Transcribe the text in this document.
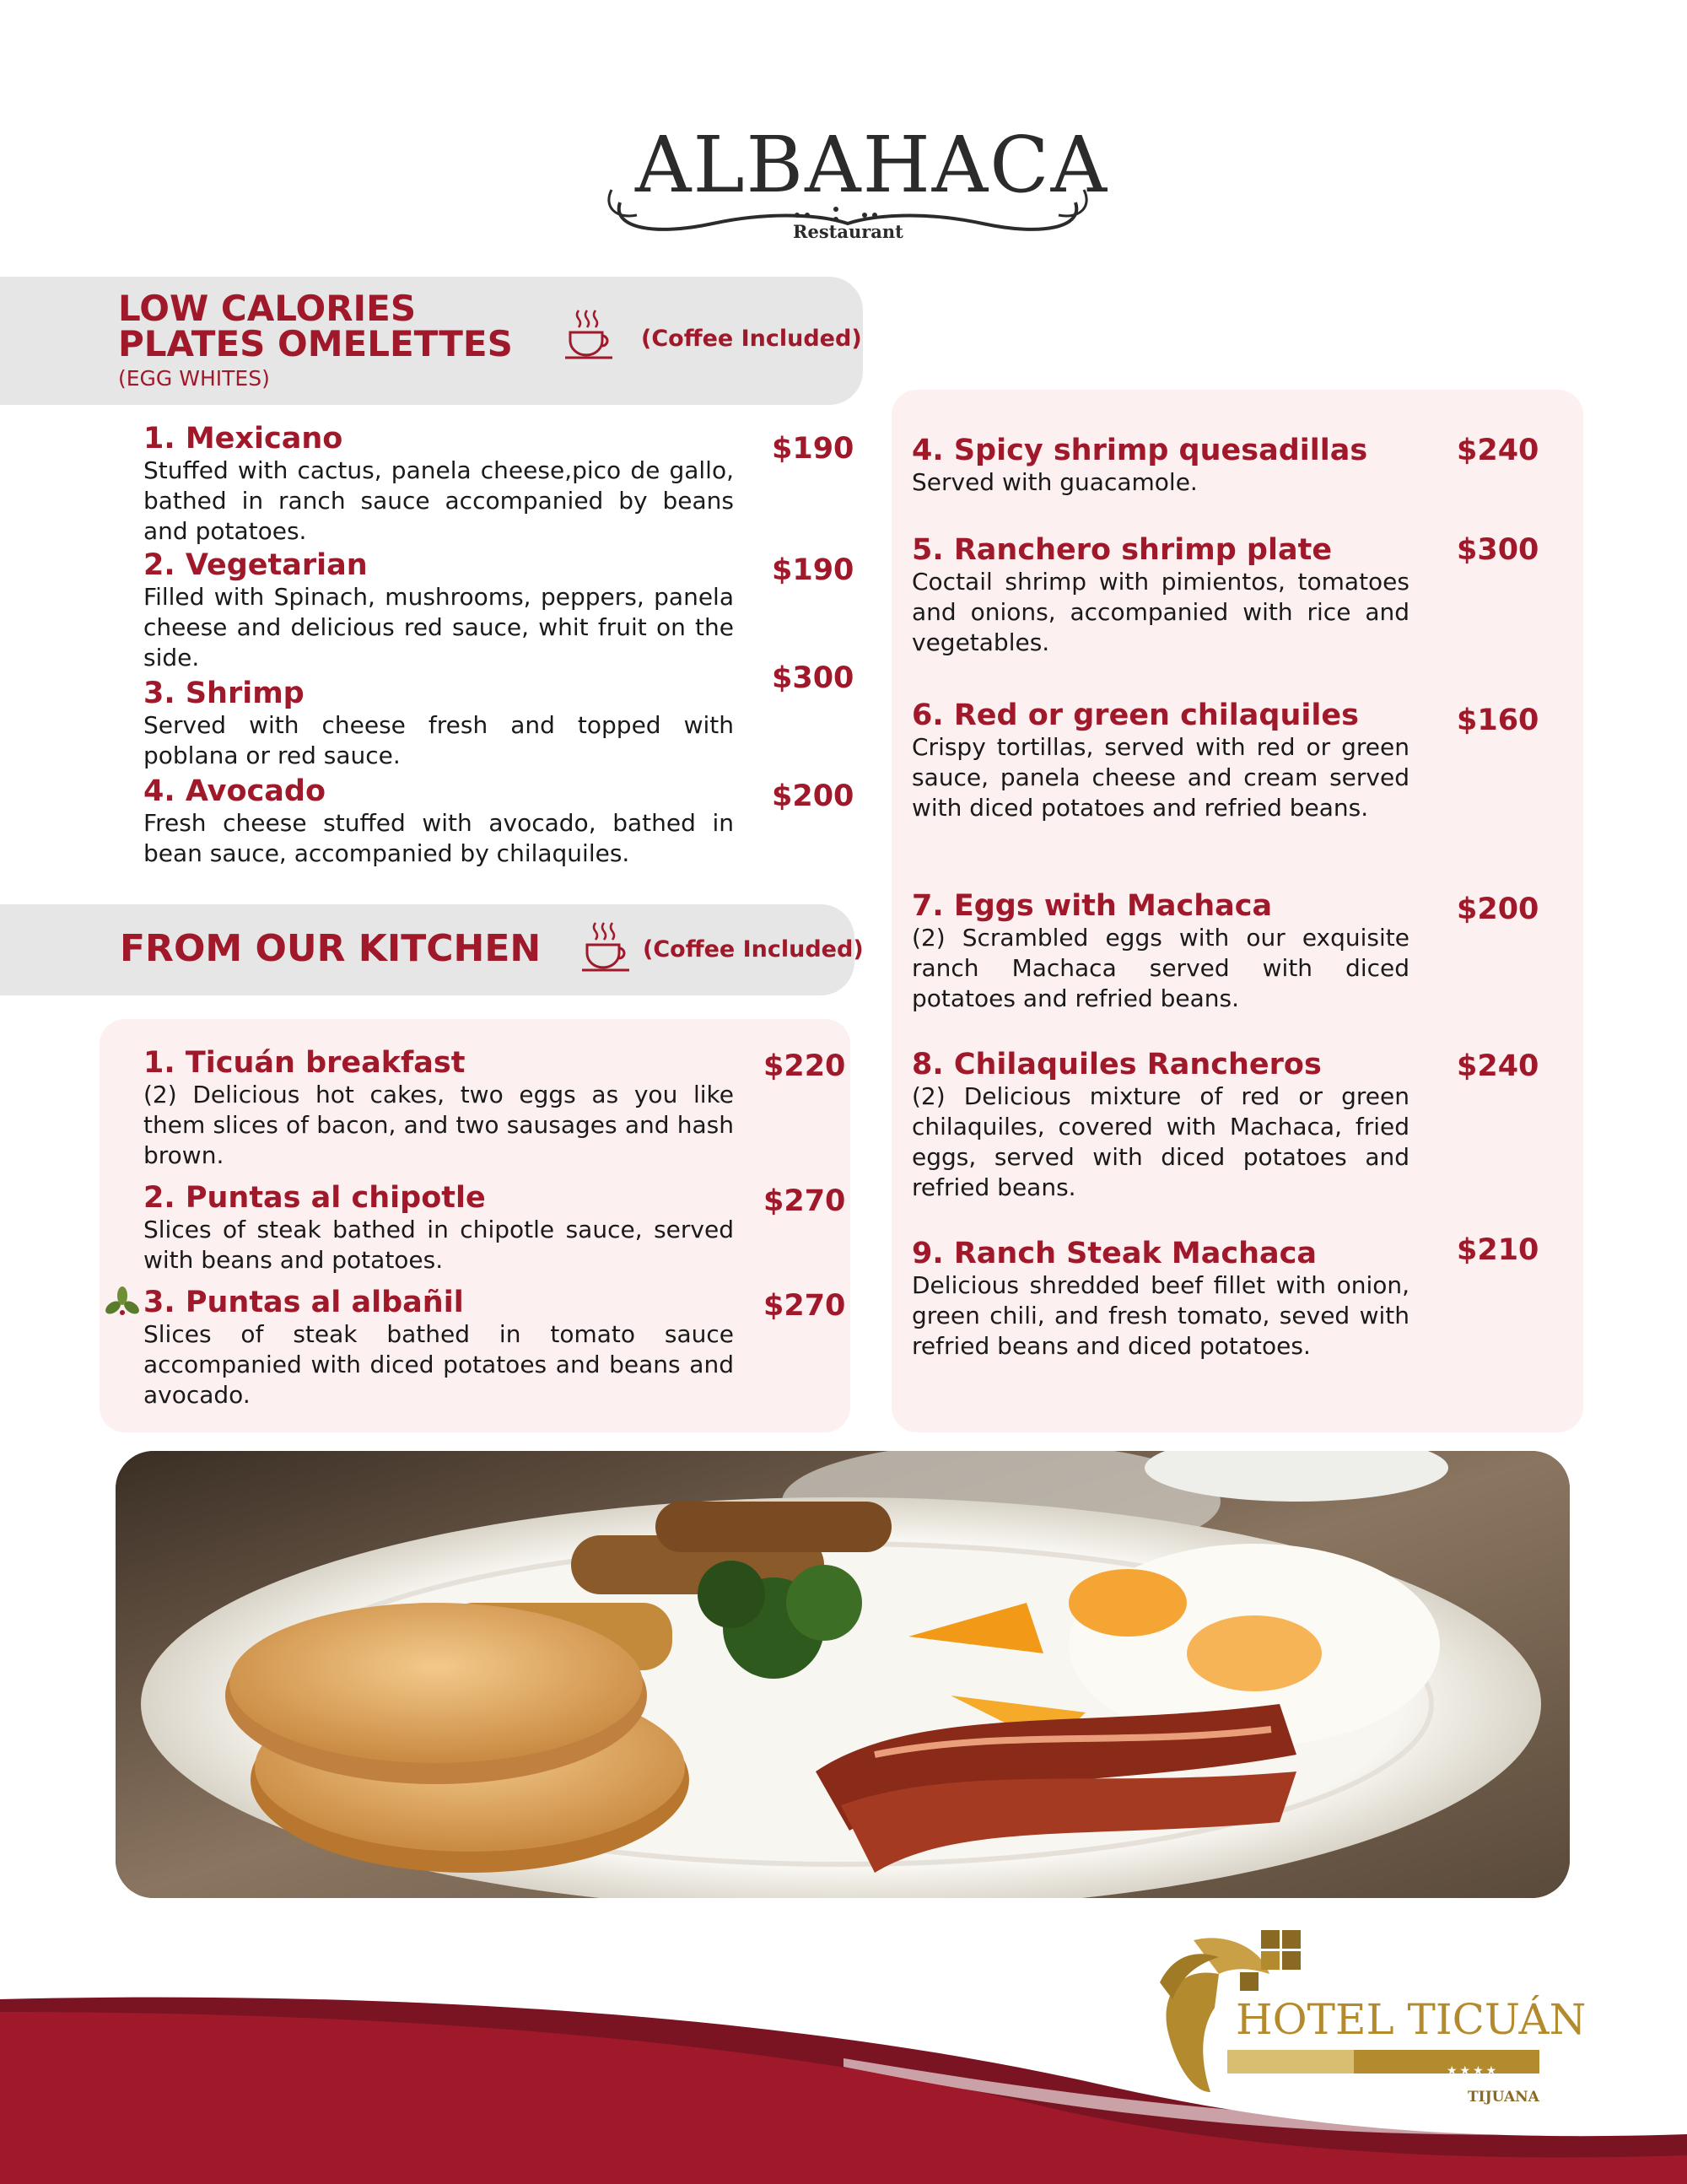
ALBAHACA
Restaurant
LOW CALORIES
PLATES OMELETTES
(EGG WHITES)
(Coffee Included)
1. Mexicano
Stuffed with cactus, panela cheese,pico de gallo, bathed in ranch sauce accompanied by beans and potatoes.
$190
2. Vegetarian
Filled with Spinach, mushrooms, peppers, panela cheese and delicious red sauce, whit fruit on the side.
$190
3. Shrimp
Served with cheese fresh and topped with poblana or red sauce.
$300
4. Avocado
Fresh cheese stuffed with avocado, bathed in bean sauce, accompanied by chilaquiles.
$200
FROM OUR KITCHEN	(Coffee Included)
1. Ticuán breakfast
(2) Delicious hot cakes, two eggs as you like them slices of bacon, and two sausages and hash brown.
$220
2. Puntas al chipotle
Slices of steak bathed in chipotle sauce, served with beans and potatoes.
$270
3. Puntas al albañil
Slices of steak bathed in tomato sauce accompanied with diced potatoes and beans and avocado.
$270
4. Spicy shrimp quesadillas
Served with guacamole.
$240
5. Ranchero shrimp plate
Coctail shrimp with pimientos, tomatoes and onions, accompanied with rice and vegetables.
$300
6. Red or green chilaquiles
Crispy tortillas, served with red or green sauce, panela cheese and cream served with diced potatoes and refried beans.
$160
7. Eggs with Machaca
(2) Scrambled eggs with our exquisite ranch Machaca served with diced potatoes and refried beans.
$200
8. Chilaquiles Rancheros
(2) Delicious mixture of red or green chilaquiles, covered with Machaca, fried eggs, served with diced potatoes and refried beans.
$240
9. Ranch Steak Machaca
Delicious shredded beef fillet with onion, green chili, and fresh tomato, seved with refried beans and diced potatoes.
$210
HOTEL TICUÁN
★★★★
TIJUANA
